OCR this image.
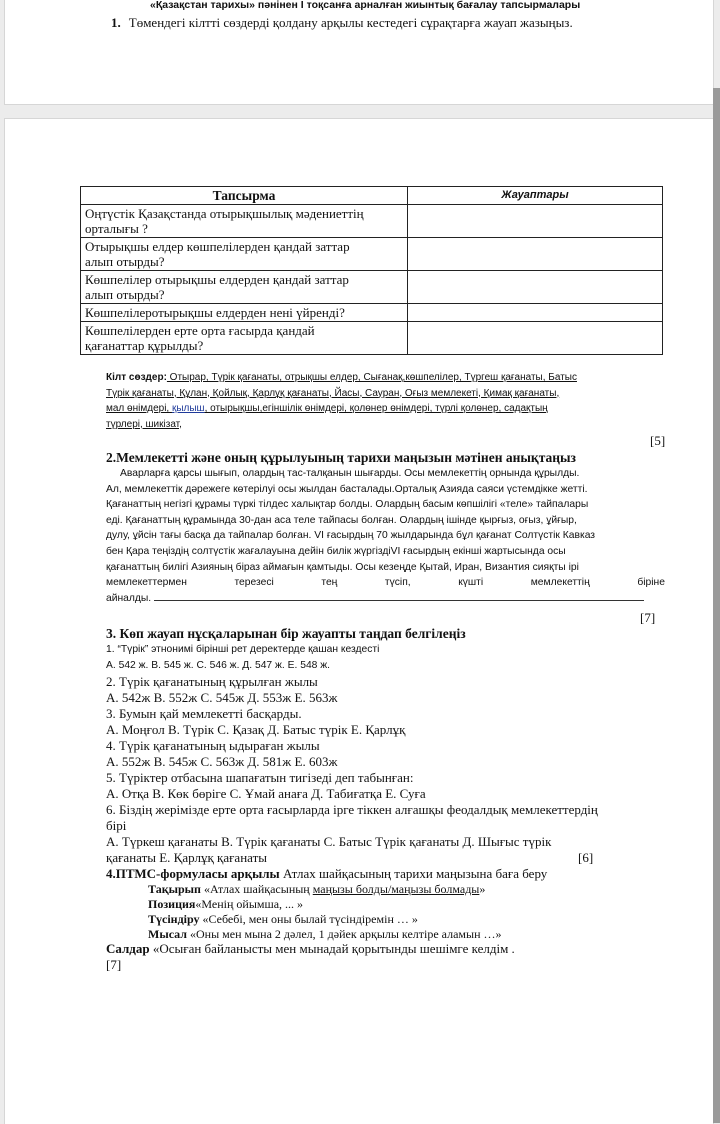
«Қазақстан тарихы» пәнінен I тоқсанға арналған жиынтық бағалау тапсырмалары
1. Төмендегі кілтті сөздерді қолдану арқылы кестедегі сұрақтарға жауап жазыңыз.
Тапсырма	Жауаптары
Оңтүстік Қазақстанда отырықшылық мәдениеттің
орталығы ?	
Отырықшы елдер көшпелілерден қандай заттар
алып отырды?	
Көшпелілер отырықшы елдерден қандай заттар
алып отырды?	
Көшпелілеротырықшы елдерден нені үйренді?	
Көшпелілерден ерте орта ғасырда қандай
қағанаттар құрылды?	
Кілт сөздер: Отырар, Түрік қағанаты, отрықшы елдер, Сығанақ,көшпелілер, Түргеш қағанаты, Батыс
Түрік қағанаты, Құлан, Қойлық, Қарлұқ қағанаты, Йасы, Сауран, Оғыз мемлекеті, Қимақ қағанаты,
мал өнімдері, қылыш, отырықшы,егіншілік өнімдері, қолөнер өнімдері, түрлі қолөнер, садақтың
түрлері, шикізат,
[5]
2.Мемлекетті және оның құрылуының тарихи маңызын мәтінен анықтаңыз
Аварларға қарсы шығып, олардың тас-талқанын шығарды. Осы мемлекеттің орнында құрылды.
Ал, мемлекеттік дәрежеге көтерілуі осы жылдан басталады.Орталық Азияда саяси үстемдікке жетті.
Қағанаттың негізгі құрамы түркі тілдес халықтар болды. Олардың басым көпшілігі «теле» тайпалары
еді. Қағанаттың құрамында 30-дан аса теле тайпасы болған. Олардың ішінде қырғыз, оғыз, ұйғыр,
дулу, ұйсін тағы басқа да тайпалар болған. VI ғасырдың 70 жылдарында бұл қағанат Солтүстік Кавказ
бен Қара теңіздің солтүстік жағалауына дейін билік жүргіздіVI ғасырдың екінші жартысында осы
қағанаттың билігі Азияның біраз аймағын қамтыды. Осы кезеңде Қытай, Иран, Византия сияқты ірі
мемлекеттермен	терезесі	тең	түсіп,	күшті	мемлекеттің	біріне
айналды.
[7]
3. Көп жауап нұсқаларынан бір жауапты таңдап белгілеңіз
1. “Түрік” этнонимі бірінші рет деректерде қашан кездесті
А. 542 ж. В. 545 ж. С. 546 ж. Д. 547 ж. Е. 548 ж.
2. Түрік қағанатының құрылған жылы
А. 542ж В. 552ж С. 545ж Д. 553ж Е. 563ж
3. Бумын қай мемлекетті басқарды.
А. Моңғол В. Түрік С. Қазақ Д. Батыс түрік Е. Қарлұқ
4. Түрік қағанатының ыдыраған жылы
А. 552ж В. 545ж С. 563ж Д. 581ж Е. 603ж
5. Түріктер отбасына шапағатын тигізеді деп табынған:
А. Отқа В. Көк бөріге С. Ұмай анаға Д. Табиғатқа Е. Суға
6. Біздің жерімізде ерте орта ғасырларда ірге тіккен алғашқы феодалдық мемлекеттердің
бірі
А. Түркеш қағанаты В. Түрік қағанаты С. Батыс Түрік қағанаты Д. Шығыс түрік
қағанаты Е. Қарлұқ қағанаты	[6]
4.ПТМС-формуласы арқылы Атлах шайқасының тарихи маңызына баға беру
Тақырып «Атлах шайқасының маңызы болды/маңызы болмады»
Позиция«Менің ойымша, ... »
Түсіндіру «Себебі, мен оны былай түсіндіремін … »
Мысал «Оны мен мына 2 дәлел, 1 дәйек арқылы келтіре аламын …»
Салдар «Осыған байланысты мен мынадай қорытынды шешімге келдім .
[7]
